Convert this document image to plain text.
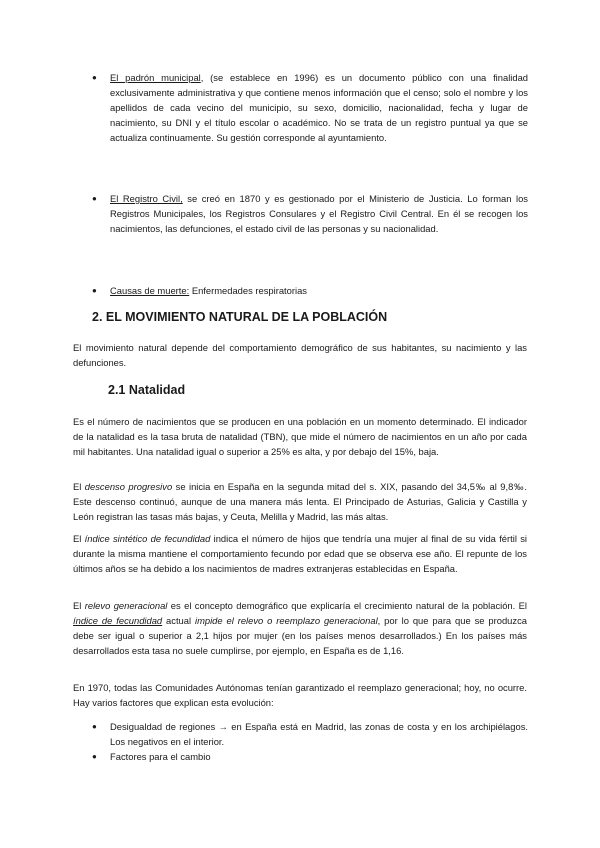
● El padrón municipal, (se establece en 1996) es un documento público con una finalidad exclusivamente administrativa y que contiene menos información que el censo; solo el nombre y los apellidos de cada vecino del municipio, su sexo, domicilio, nacionalidad, fecha y lugar de nacimiento, su DNI y el título escolar o académico. No se trata de un registro puntual ya que se actualiza continuamente. Su gestión corresponde al ayuntamiento.

● El Registro Civil, se creó en 1870 y es gestionado por el Ministerio de Justicia. Lo forman los Registros Municipales, los Registros Consulares y el Registro Civil Central. En él se recogen los nacimientos, las defunciones, el estado civil de las personas y su nacionalidad.

● Causas de muerte: Enfermedades respiratorias

2. EL MOVIMIENTO NATURAL DE LA POBLACIÓN

El movimiento natural depende del comportamiento demográfico de sus habitantes, su nacimiento y las defunciones.

2.1 Natalidad

Es el número de nacimientos que se producen en una población en un momento determinado. El indicador de la natalidad es la tasa bruta de natalidad (TBN), que mide el número de nacimientos en un año por cada mil habitantes. Una natalidad igual o superior a 25% es alta, y por debajo del 15%, baja.

El descenso progresivo se inicia en España en la segunda mitad del s. XIX, pasando del 34,5‰ al 9,8‰. Este descenso continuó, aunque de una manera más lenta. El Principado de Asturias, Galicia y Castilla y León registran las tasas más bajas, y Ceuta, Melilla y Madrid, las más altas.

El índice sintético de fecundidad indica el número de hijos que tendría una mujer al final de su vida fértil si durante la misma mantiene el comportamiento fecundo por edad que se observa ese año. El repunte de los últimos años se ha debido a los nacimientos de madres extranjeras establecidas en España.

El relevo generacional es el concepto demográfico que explicaría el crecimiento natural de la población. El índice de fecundidad actual impide el relevo o reemplazo generacional, por lo que para que se produzca debe ser igual o superior a 2,1 hijos por mujer (en los países menos desarrollados.) En los países más desarrollados esta tasa no suele cumplirse, por ejemplo, en España es de 1,16.

En 1970, todas las Comunidades Autónomas tenían garantizado el reemplazo generacional; hoy, no ocurre. Hay varios factores que explican esta evolución:

● Desigualdad de regiones → en España está en Madrid, las zonas de costa y en los archipiélagos. Los negativos en el interior.

● Factores para el cambio
